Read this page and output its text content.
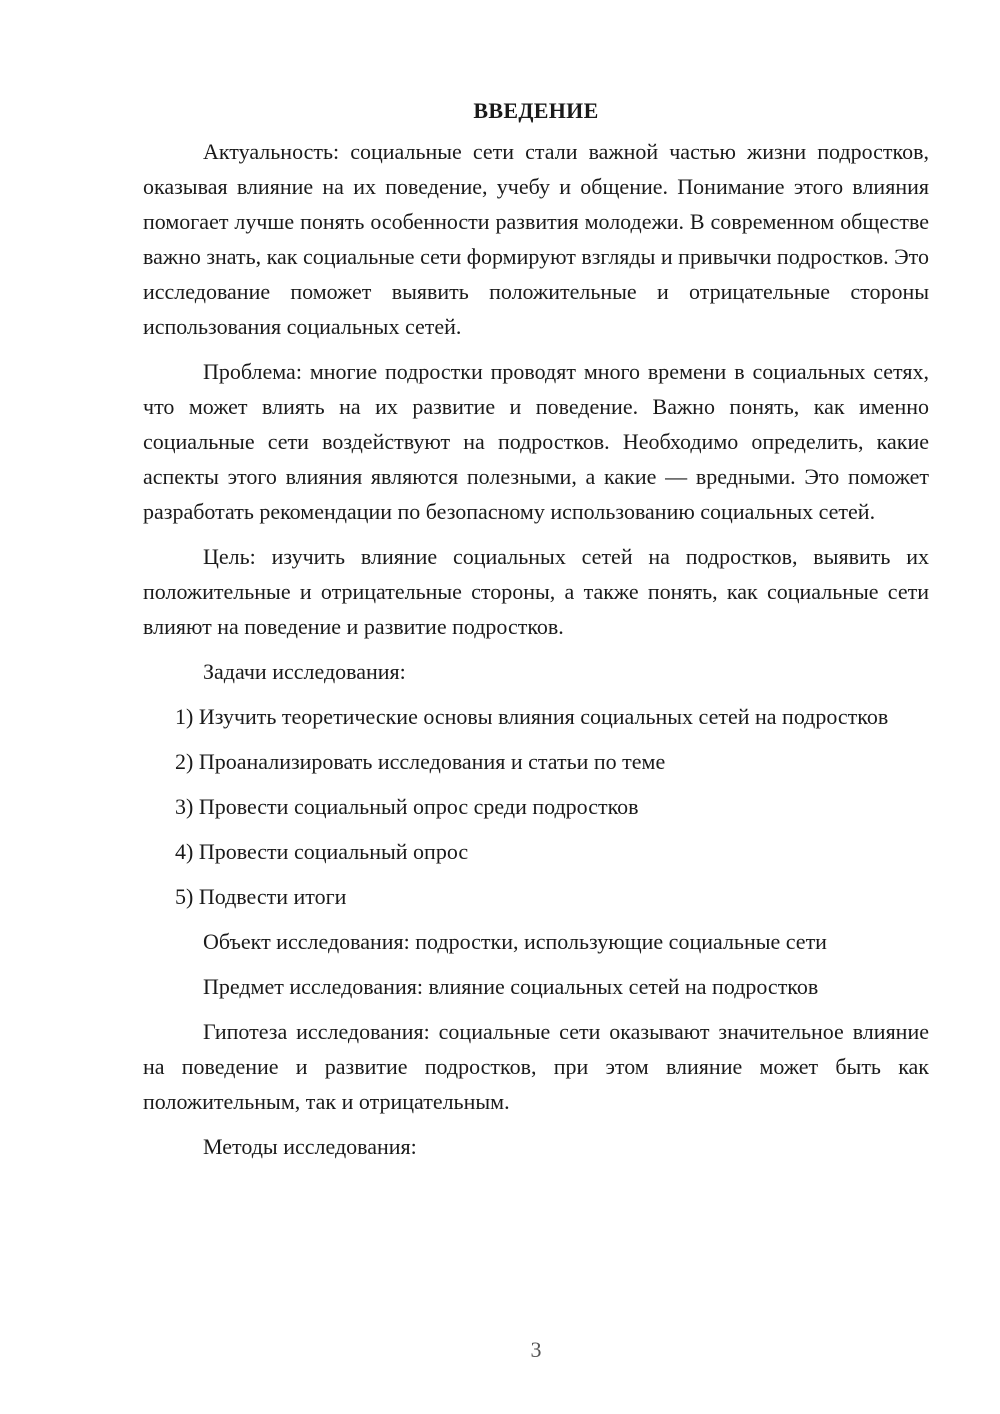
ВВЕДЕНИЕ

Актуальность: социальные сети стали важной частью жизни подростков, оказывая влияние на их поведение, учебу и общение. Понимание этого влияния помогает лучше понять особенности развития молодежи. В современном обществе важно знать, как социальные сети формируют взгляды и привычки подростков. Это исследование поможет выявить положительные и отрицательные стороны использования социальных сетей.

Проблема: многие подростки проводят много времени в социальных сетях, что может влиять на их развитие и поведение. Важно понять, как именно социальные сети воздействуют на подростков. Необходимо определить, какие аспекты этого влияния являются полезными, а какие — вредными. Это поможет разработать рекомендации по безопасному использованию социальных сетей.

Цель: изучить влияние социальных сетей на подростков, выявить их положительные и отрицательные стороны, а также понять, как социальные сети влияют на поведение и развитие подростков.

Задачи исследования:

1) Изучить теоретические основы влияния социальных сетей на подростков

2) Проанализировать исследования и статьи по теме

3) Провести социальный опрос среди подростков

4) Провести социальный опрос

5) Подвести итоги

Объект исследования: подростки, использующие социальные сети

Предмет исследования: влияние социальных сетей на подростков

Гипотеза исследования: социальные сети оказывают значительное влияние на поведение и развитие подростков, при этом влияние может быть как положительным, так и отрицательным.

Методы исследования:

3
